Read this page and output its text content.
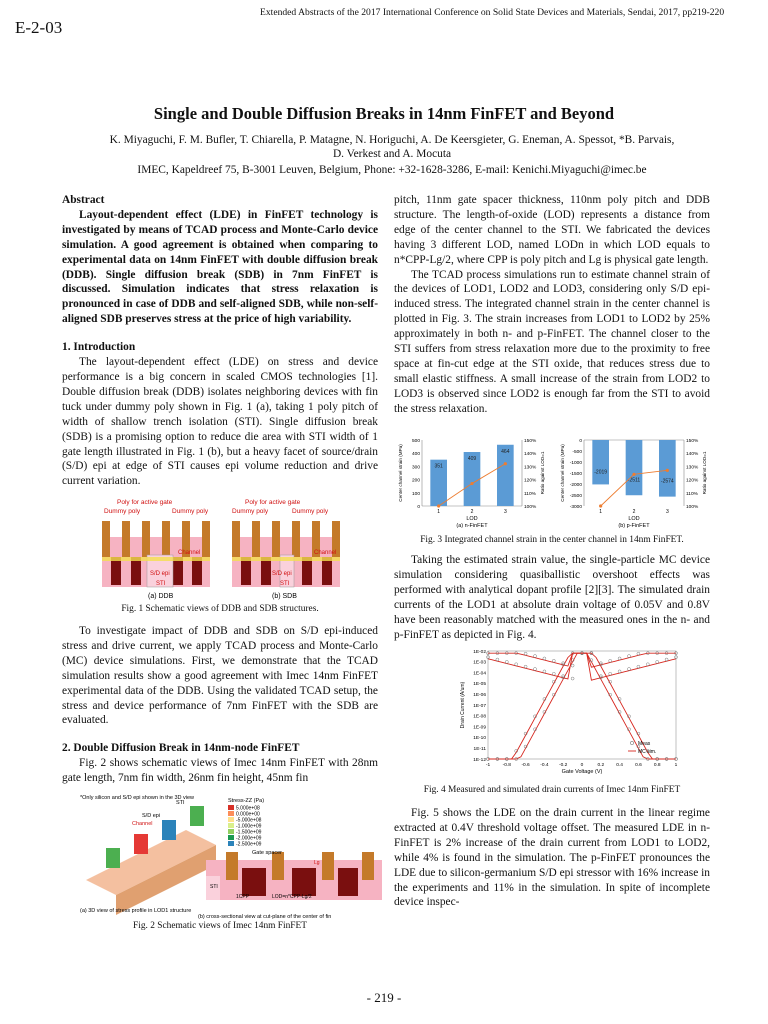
Extended Abstracts of the 2017 International Conference on Solid State Devices and Materials, Sendai, 2017, pp219-220
E-2-03
Single and Double Diffusion Breaks in 14nm FinFET and Beyond
K. Miyaguchi, F. M. Bufler, T. Chiarella, P. Matagne, N. Horiguchi, A. De Keersgieter, G. Eneman, A. Spessot, *B. Parvais,
D. Verkest and A. Mocuta
IMEC, Kapeldreef 75, B-3001 Leuven, Belgium, Phone: +32-1628-3286, E-mail: Kenichi.Miyaguchi@imec.be
Abstract

Layout-dependent effect (LDE) in FinFET technology is investigated by means of TCAD process and Monte-Carlo device simulation. A good agreement is obtained when comparing to experimental data on 14nm FinFET with double diffusion break (DDB). Single diffusion break (SDB) in 7nm FinFET is discussed. Simulation indicates that stress relaxation is pronounced in case of DDB and self-aligned SDB, while non-self-aligned SDB preserves stress at the price of high variability.

1. Introduction

The layout-dependent effect (LDE) on stress and device performance is a big concern in scaled CMOS technologies [1]. Double diffusion break (DDB) isolates neighboring devices with fin tuck under dummy poly shown in Fig. 1 (a), taking 1 poly pitch of width of shallow trench isolation (STI). Single diffusion break (SDB) is a promising option to reduce die area with STI width of 1 gate length illustrated in Fig. 1 (b), but a heavy facet of source/drain (S/D) epi at edge of STI causes epi volume reduction and drive current variation.

Poly for active gate	Poly for active gate
Dummy poly	Dummy poly	Dummy poly	Dummy poly
Channel	Channel
S/D epi	S/D epi
STI	STI
(a) DDB	(b) SDB
Fig. 1 Schematic views of DDB and SDB structures.

To investigate impact of DDB and SDB on S/D epi-induced stress and drive current, we apply TCAD process and Monte-Carlo (MC) device simulations. First, we demonstrate that the TCAD simulation results show a good agreement with Imec 14nm FinFET experimental data of the DDB. Using the validated TCAD setup, the stress and device performance of 7nm FinFET with the SDB are evaluated.

2. Double Diffusion Break in 14nm-node FinFET

Fig. 2 shows schematic views of Imec 14nm FinFET with 28nm gate length, 7nm fin width, 26nm fin height, 45nm fin

*Only silicon and S/D epi shown in the 3D view
S/D epi
Channel
STI	Stress-ZZ (Pa)
5.000e+08
0.000e+00
-5.000e+08
-1.000e+09
-1.500e+09
-2.000e+09
-2.500e+09
Gate spacer
STI
1CPP	LOD=n*CPP-Lg/2
Lg
(a) 3D view of stress profile in LOD1 structure
(b) cross-sectional view at cut-plane of the center of fin
Fig. 2 Schematic views of Imec 14nm FinFET

pitch, 11nm gate spacer thickness, 110nm poly pitch and DDB structure. The length-of-oxide (LOD) represents a distance from edge of the center channel to the STI. We fabricated the devices having 3 different LOD, named LODn in which LOD equals to n*CPP-Lg/2, where CPP is poly pitch and Lg is physical gate length.

The TCAD process simulations run to estimate channel strain of the devices of LOD1, LOD2 and LOD3, considering only S/D epi-induced stress. The integrated channel strain in the center channel is plotted in Fig. 3. The strain increases from LOD1 to LOD2 by 25% approximately in both n- and p-FinFET. The channel closer to the STI suffers from stress relaxation more due to the proximity to free space at fin-cut edge at the STI oxide, that reduces stress due to small elastic stiffness. A small increase of the strain from LOD2 to LOD3 is observed since LOD2 is enough far from the STI to avoid the stress relaxation.

500
400
300
200
100
0	100%
110%
120%
130%
140%
150%
351
1
409
2
464
3
LOD
(a) n-FinFET
Center channel strain (MPa)	Ratio against LOD=1
0
-500
-1000
-1500
-2000
-2500
-3000	100%
110%
120%
130%
140%
150%
-2019
1
-2511
2
-2574
3
LOD
(b) p-FinFET
Center channel strain (MPa)	Ratio against LOD=1
Fig. 3 Integrated channel strain in the center channel in 14nm FinFET.

Taking the estimated strain value, the single-particle MC device simulation considering quasiballistic overshoot effects was performed with analytical dopant profile [2][3]. The simulated drain currents of the LOD1 at absolute drain voltage of 0.05V and 0.8V have been reasonably matched with the measured ones in the n- and p-FinFET as depicted in Fig. 4.

1E-02
1E-03
1E-04
1E-05
1E-06
1E-07
1E-08
1E-09
1E-10
1E-11
1E-12
-1	-0.8 -0.6 -0.4 -0.2	0	0.2	0.4	0.6	0.8	1
Gate Voltage (V)
Drain Current (A/um)
Meas
MC sim.
Fig. 4 Measured and simulated drain currents of Imec 14nm FinFET

Fig. 5 shows the LDE on the drain current in the linear regime extracted at 0.4V threshold voltage offset. The measured LDE in n-FinFET is 2% increase of the drain current from LOD1 to LOD2, while 4% is found in the simulation. The p-FinFET pronounces the LDE due to silicon-germanium S/D epi stressor with 16% increase in the experiments and 11% in the simulation. In spite of incomplete device inspec-

- 219 -
